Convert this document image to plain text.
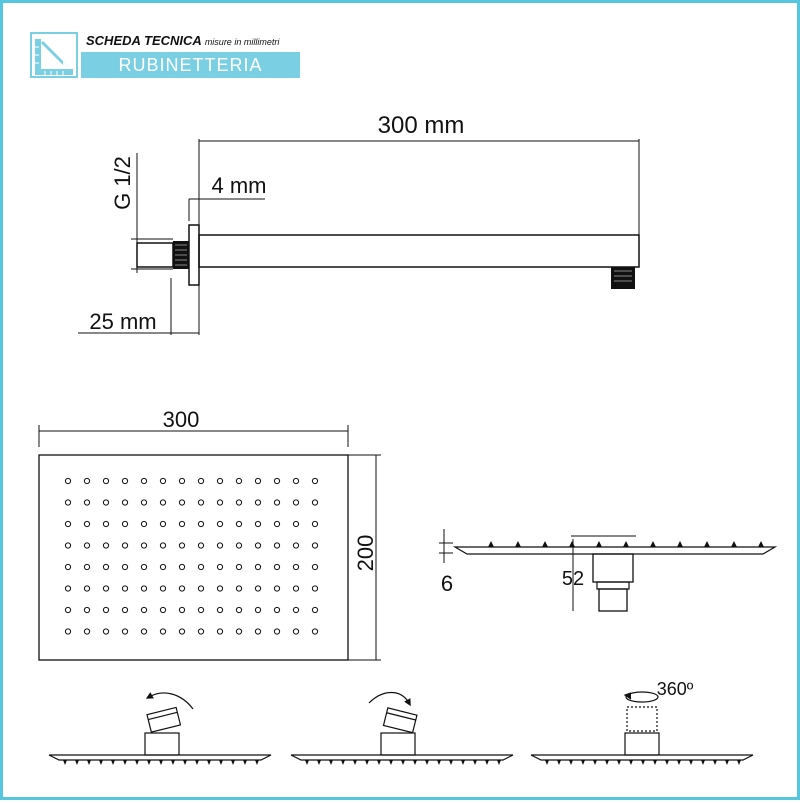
SCHEDA TECNICA misure in millimetri
RUBINETTERIA
300 mm
4 mm
25 mm
G 1/2
300
200
6	52
360º
